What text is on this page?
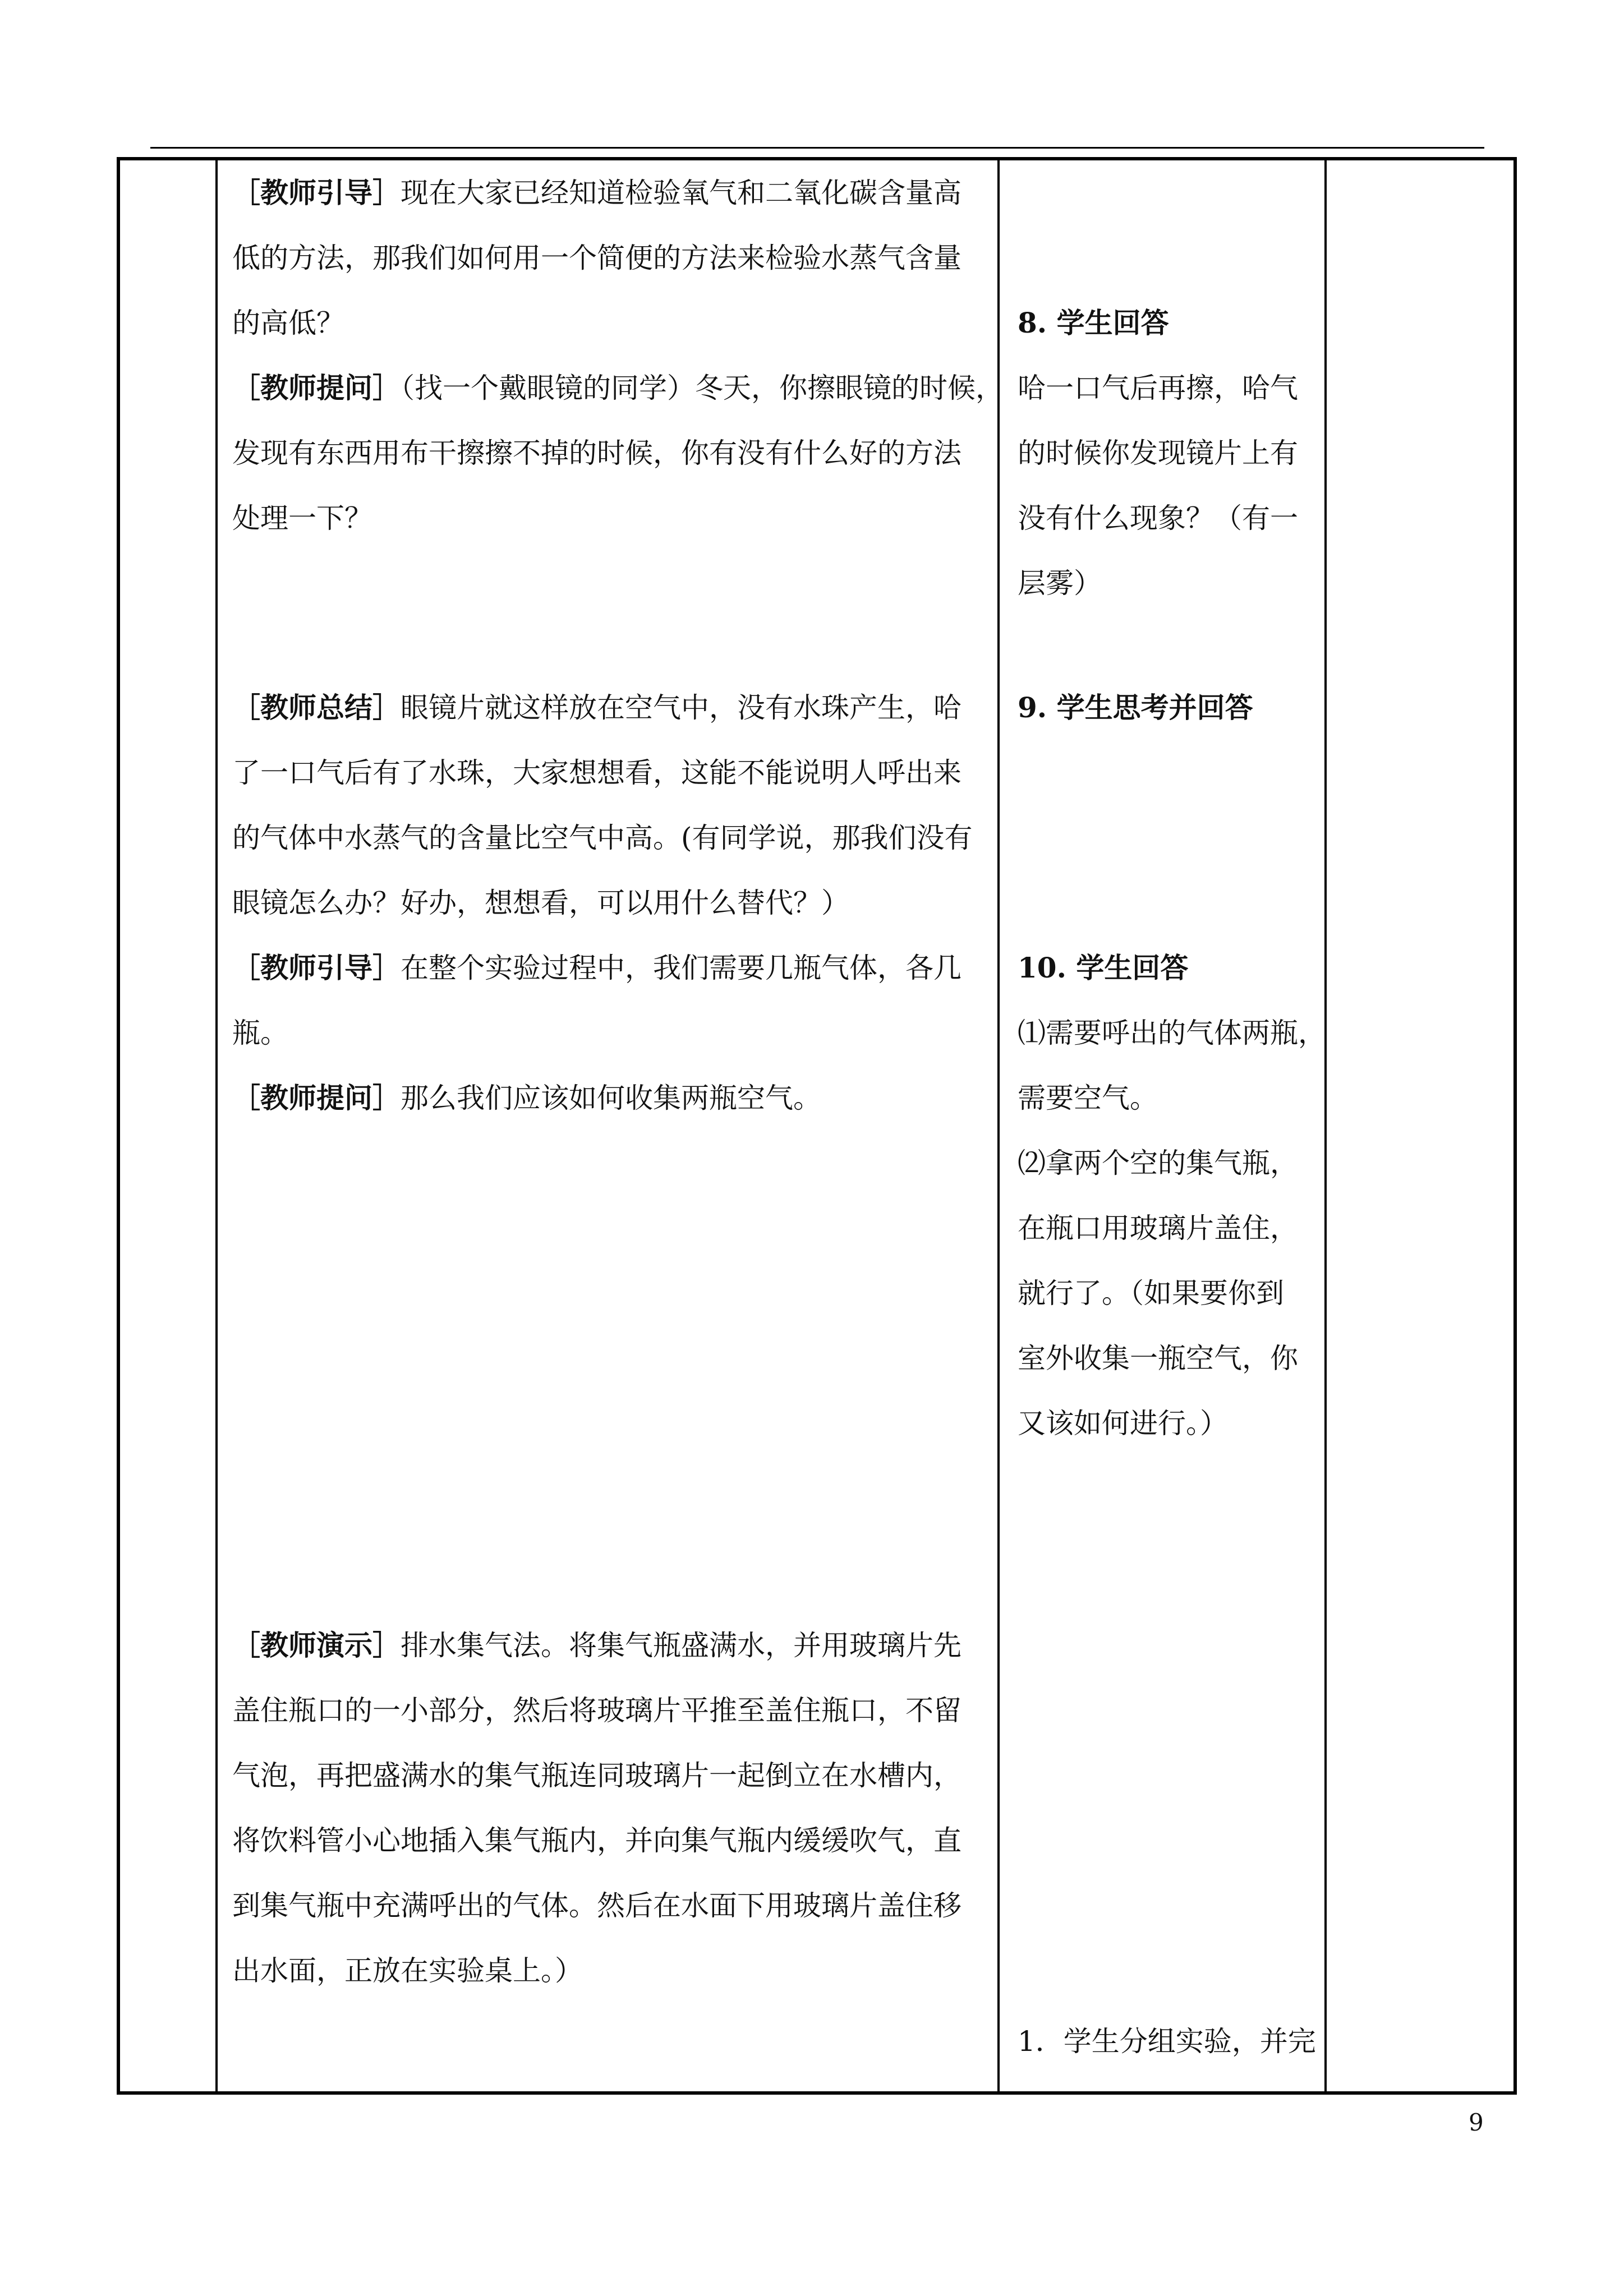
［教师引导］现在大家已经知道检验氧气和二氧化碳含量高
低的方法，那我们如何用一个简便的方法来检验水蒸气含量
的高低？
［教师提问］（找一个戴眼镜的同学）冬天，你擦眼镜的时候，
发现有东西用布干擦擦不掉的时候，你有没有什么好的方法
处理一下？
［教师总结］眼镜片就这样放在空气中，没有水珠产生，哈
了一口气后有了水珠，大家想想看，这能不能说明人呼出来
的气体中水蒸气的含量比空气中高。(有同学说，那我们没有
眼镜怎么办？好办，想想看，可以用什么替代？）
［教师引导］在整个实验过程中，我们需要几瓶气体，各几
瓶。
［教师提问］那么我们应该如何收集两瓶空气。
［教师演示］排水集气法。将集气瓶盛满水，并用玻璃片先
盖住瓶口的一小部分，然后将玻璃片平推至盖住瓶口，不留
气泡，再把盛满水的集气瓶连同玻璃片一起倒立在水槽内，
将饮料管小心地插入集气瓶内，并向集气瓶内缓缓吹气，直
到集气瓶中充满呼出的气体。然后在水面下用玻璃片盖住移
出水面，正放在实验桌上。）
8. 学生回答
哈一口气后再擦，哈气
的时候你发现镜片上有
没有什么现象？（有一
层雾）
9. 学生思考并回答
10. 学生回答
⑴需要呼出的气体两瓶，
需要空气。
⑵拿两个空的集气瓶，
在瓶口用玻璃片盖住，
就行了。（如果要你到
室外收集一瓶空气，你
又该如何进行。）
1．学生分组实验，并完
9
